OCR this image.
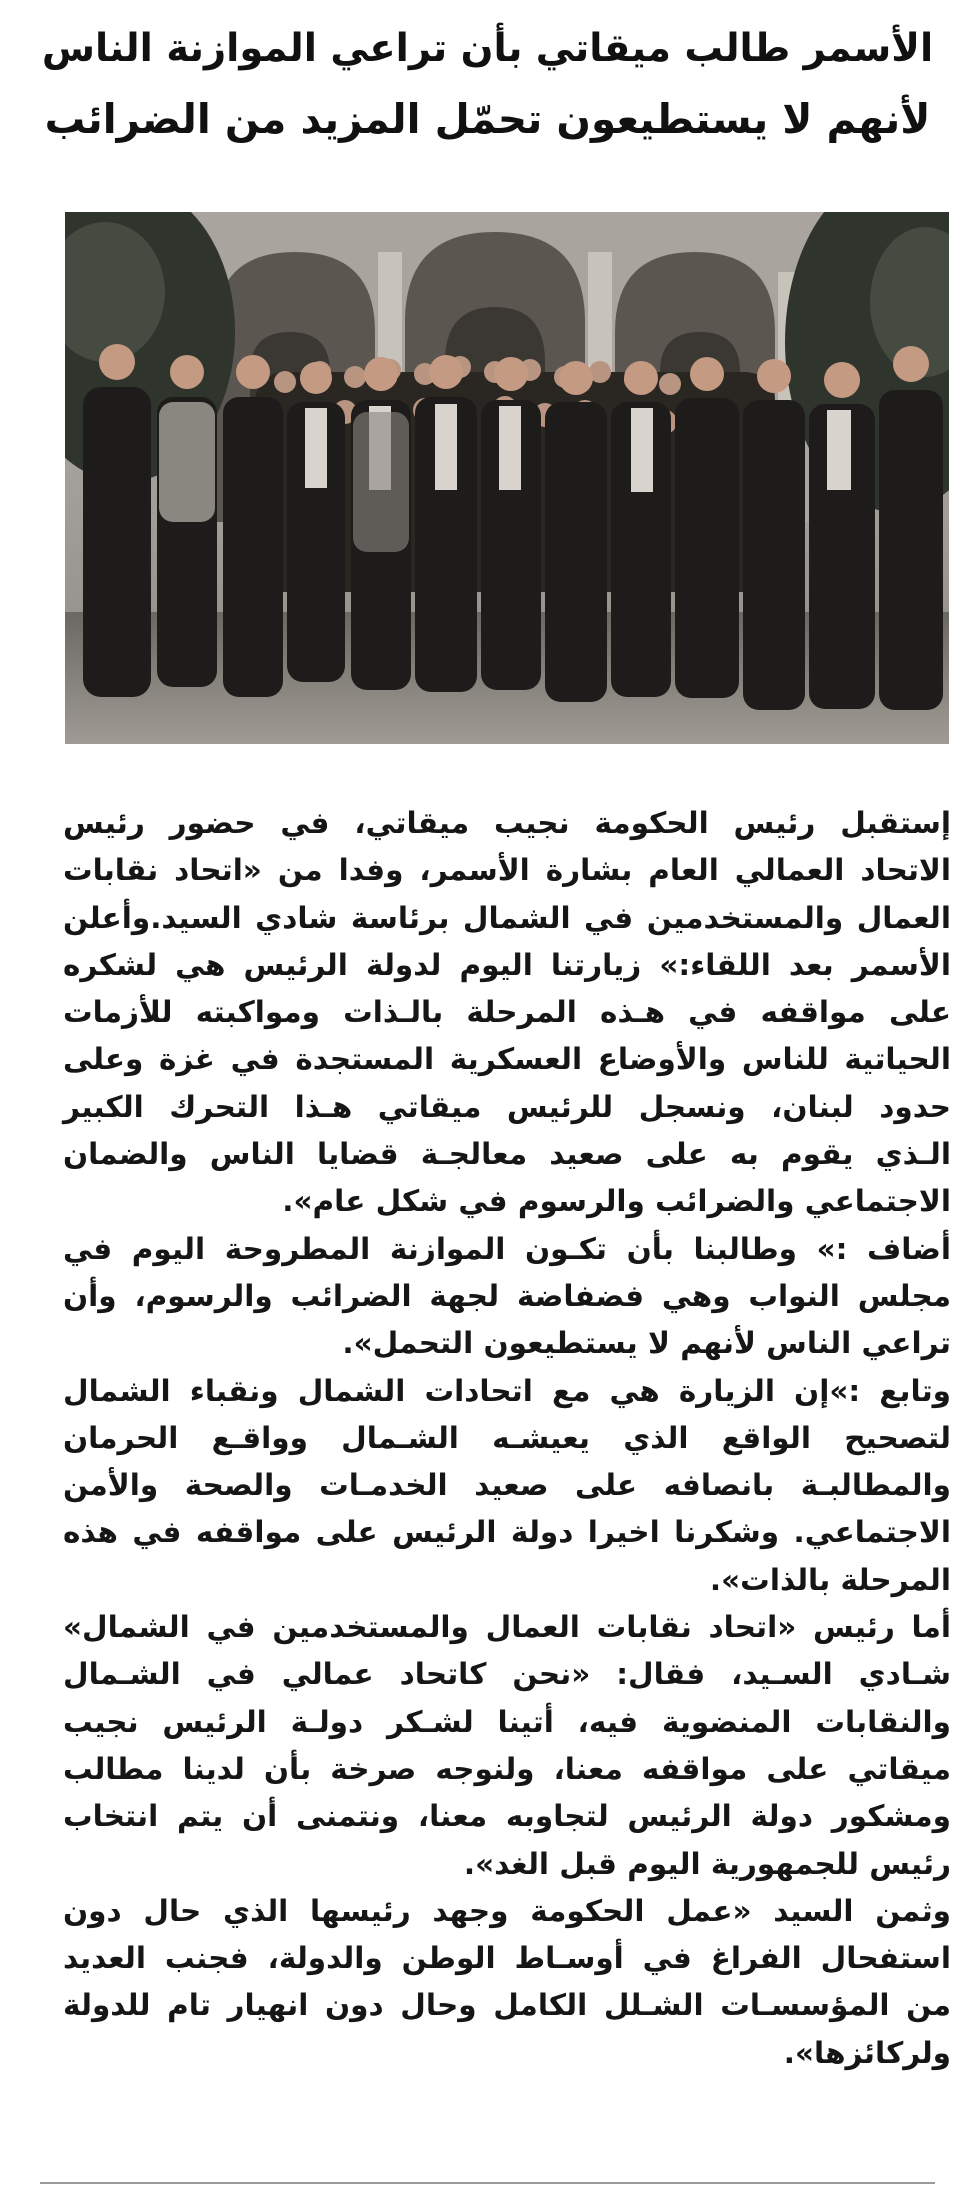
الأسمر طالب ميقاتي بأن تراعي الموازنة الناس
لأنهم لا يستطيعون تحمّل المزيد من الضرائب

إستقبل رئيس الحكومة نجيب ميقاتي، في حضور رئيس
الاتحاد العمالي العام بشارة الأسمر، وفدا من «اتحاد نقابات
العمال والمستخدمين في الشمال برئاسة شادي السيد.وأعلن
الأسمر بعد اللقاء:» زيارتنا اليوم لدولة الرئيس هي لشكره
على مواقفه في هـذه المرحلة بالـذات ومواكبته للأزمات
الحياتية للناس والأوضاع العسكرية المستجدة في غزة وعلى
حدود لبنان، ونسجل للرئيس ميقاتي هـذا التحرك الكبير
الـذي يقوم به على صعيد معالجـة قضايا الناس والضمان
الاجتماعي والضرائب والرسوم في شكل عام».

أضاف :» وطالبنا بأن تكـون الموازنة المطروحة اليوم في
مجلس النواب وهي فضفاضة لجهة الضرائب والرسوم، وأن
تراعي الناس لأنهم لا يستطيعون التحمل».

وتابع :»إن الزيارة هي مع اتحادات الشمال ونقباء الشمال
لتصحيح الواقع الذي يعيشـه الشـمال وواقـع الحرمان
والمطالبـة بانصافه على صعيد الخدمـات والصحة والأمن
الاجتماعي. وشكرنا اخيرا دولة الرئيس على مواقفه في هذه
المرحلة بالذات».

أما رئيس «اتحاد نقابات العمال والمستخدمين في الشمال»
شـادي السـيد، فقال: «نحن كاتحاد عمالي في الشـمال
والنقابات المنضوية فيه، أتينا لشـكر دولـة الرئيس نجيب
ميقاتي على مواقفه معنا، ولنوجه صرخة بأن لدينا مطالب
ومشكور دولة الرئيس لتجاوبه معنا، ونتمنى أن يتم انتخاب
رئيس للجمهورية اليوم قبل الغد».

وثمن السيد «عمل الحكومة وجهد رئيسها الذي حال دون
استفحال الفراغ في أوسـاط الوطن والدولة، فجنب العديد
من المؤسسـات الشـلل الكامل وحال دون انهيار تام للدولة
ولركائزها».
